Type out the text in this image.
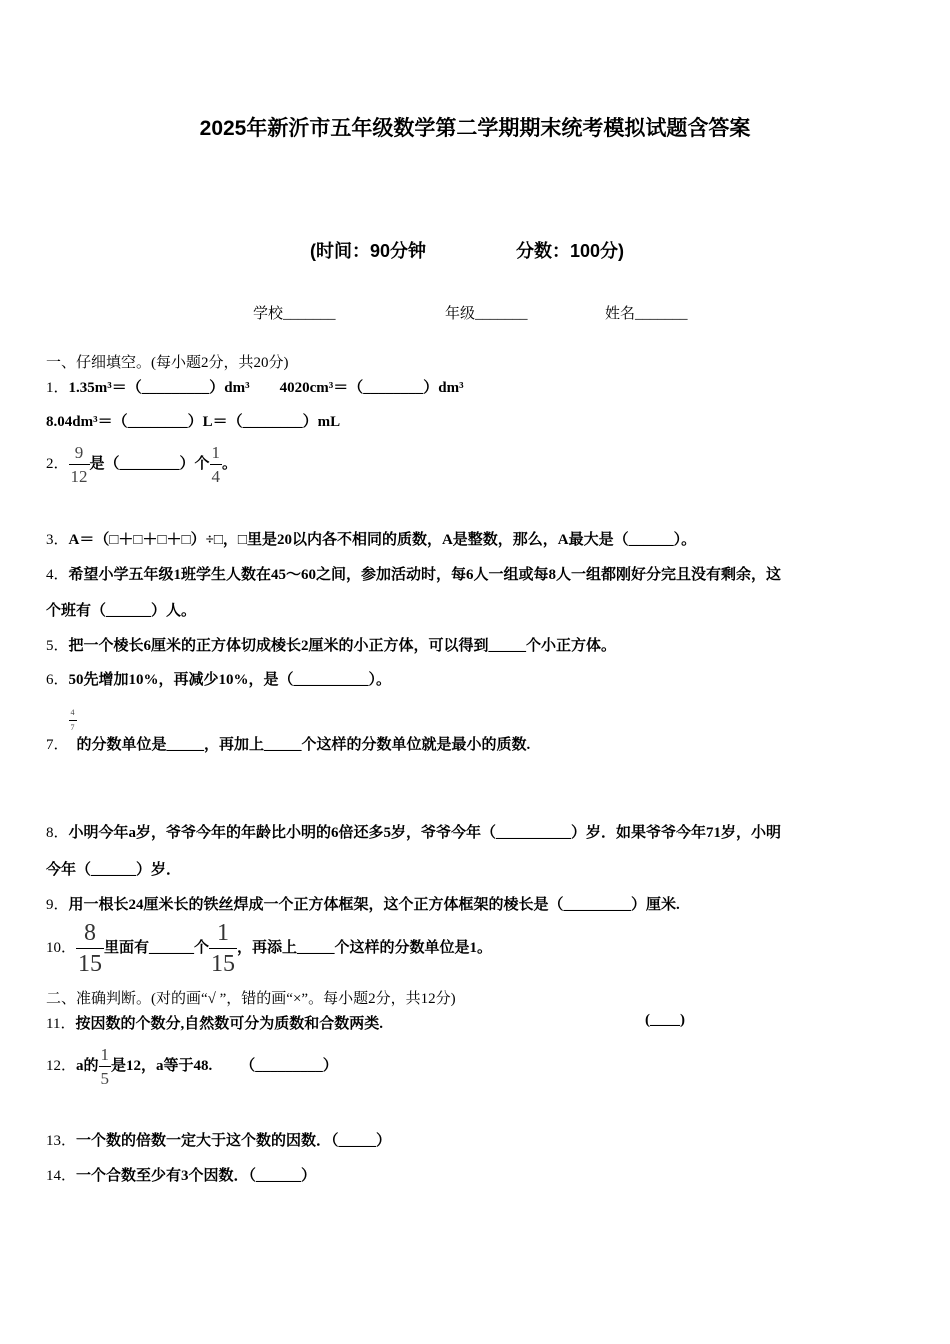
2025年新沂市五年级数学第二学期期末统考模拟试题含答案
(时间：90分钟	分数：100分)
学校_______	年级_______	姓名_______
一、仔细填空。(每小题2分，共20分)
1．1.35m³＝（_________）dm³　　4020cm³＝（________）dm³
8.04dm³＝（________）L＝（________）mL
2． $\frac{9}{12}$ 是（________）个 $\frac{1}{4}$ 。
3．A＝（□＋□＋□＋□）÷□，□里是20以内各不相同的质数，A是整数，那么，A最大是（______）。
4．希望小学五年级1班学生人数在45～60之间，参加活动时，每6人一组或每8人一组都刚好分完且没有剩余，这
个班有（______）人。
5．把一个棱长6厘米的正方体切成棱长2厘米的小正方体，可以得到_____个小正方体。
6．50先增加10%，再减少10%，是（__________）。
7．
$\frac{4}{7}$
的分数单位是_____，再加上_____个这样的分数单位就是最小的质数.
8．小明今年a岁，爷爷今年的年龄比小明的6倍还多5岁，爷爷今年（__________）岁．如果爷爷今年71岁，小明
今年（______）岁．
9．用一根长24厘米长的铁丝焊成一个正方体框架，这个正方体框架的棱长是（_________）厘米.
10． $\frac{8}{15}$ 里面有______个 $\frac{1}{15}$ ，再添上_____个这样的分数单位是1。
二、准确判断。(对的画“√ ”，错的画“×”。每小题2分，共12分)
11．按因数的个数分,自然数可分为质数和合数两类.	(____)
12．a的 $\frac{1}{5}$ 是12，a等于48. （_________）
13．一个数的倍数一定大于这个数的因数．（_____）
14．一个合数至少有3个因数．（______）
